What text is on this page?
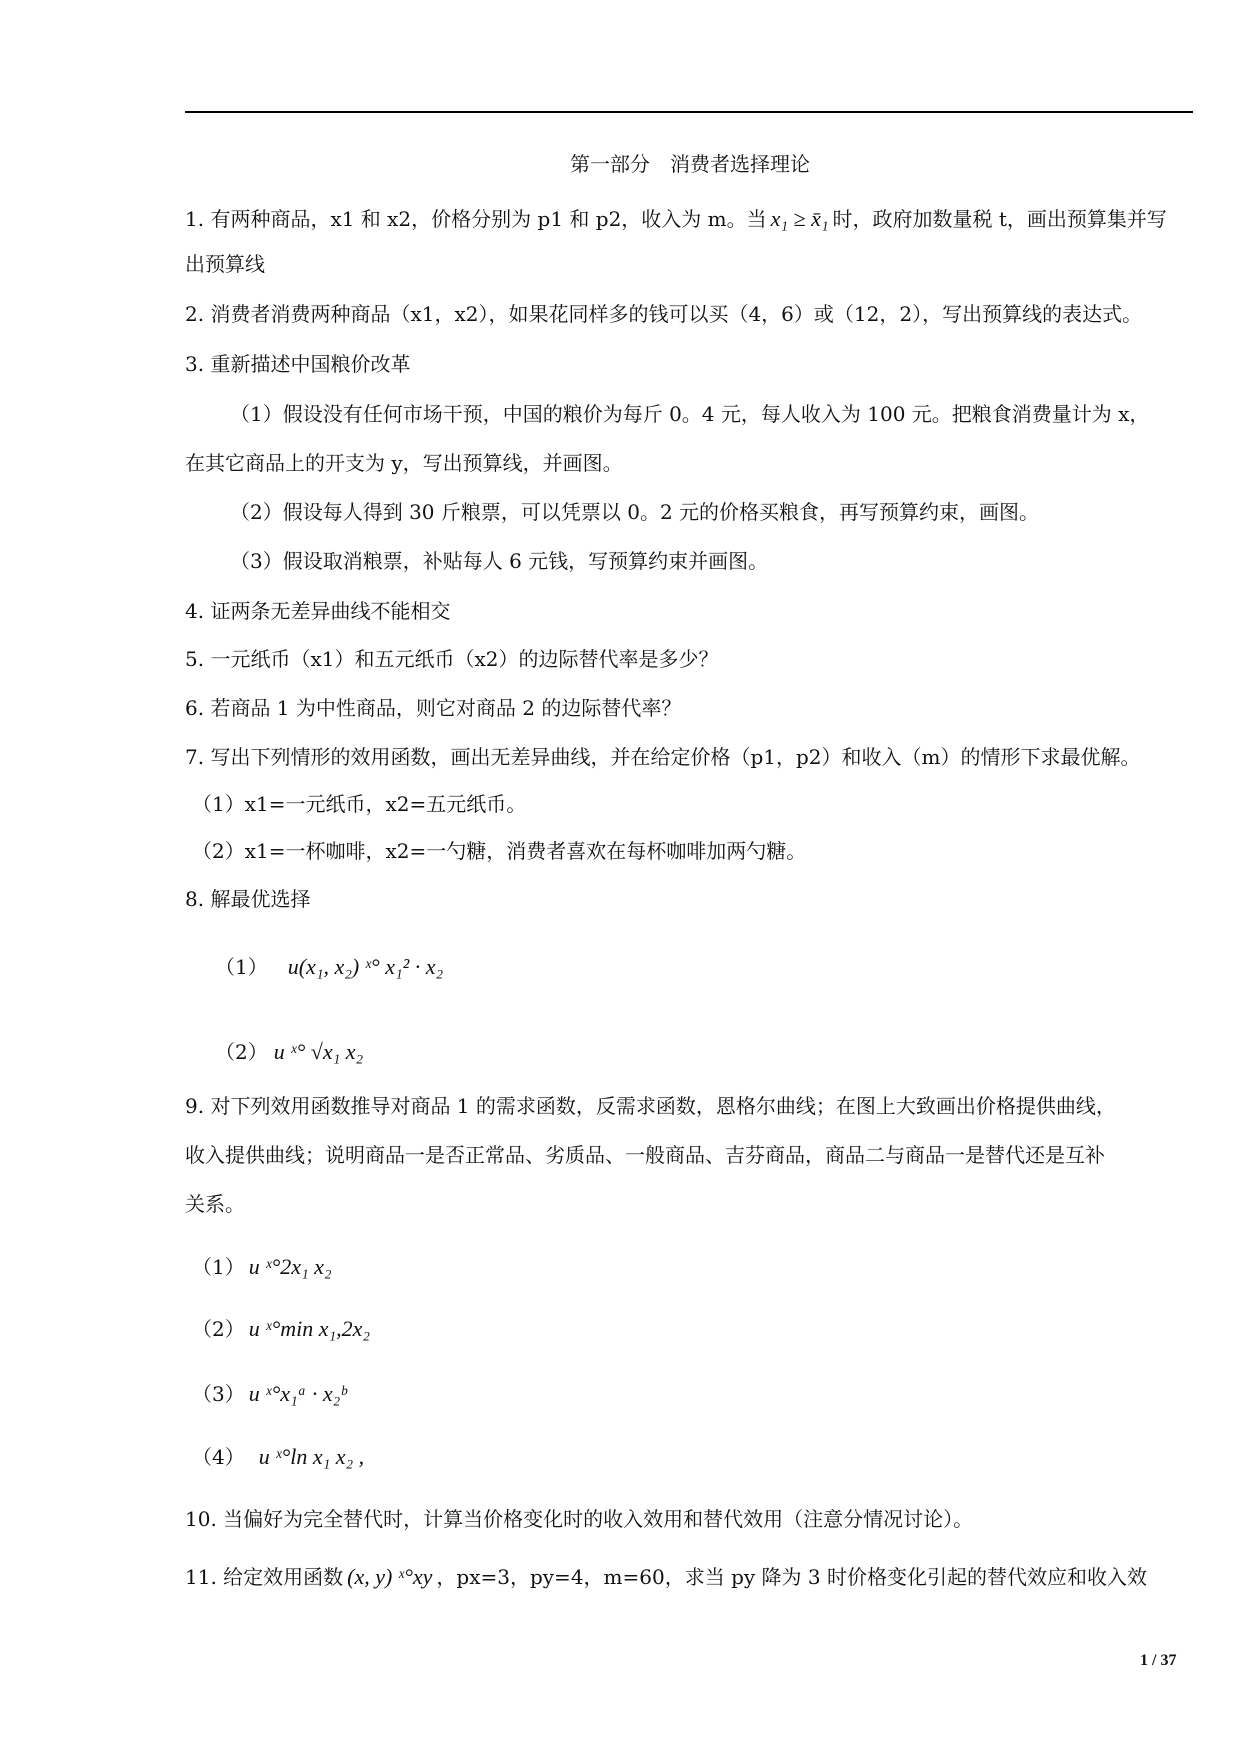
第一部分　消费者选择理论
1. 有两种商品，x1 和 x2，价格分别为 p1 和 p2，收入为 m。当 x₁ ≥ x̄₁ 时，政府加数量税 t，画出预算集并写
出预算线
2. 消费者消费两种商品（x1，x2），如果花同样多的钱可以买（4，6）或（12，2），写出预算线的表达式。
3. 重新描述中国粮价改革
（1）假设没有任何市场干预，中国的粮价为每斤 0。4 元，每人收入为 100 元。把粮食消费量计为 x，
在其它商品上的开支为 y，写出预算线，并画图。
（2）假设每人得到 30 斤粮票，可以凭票以 0。2 元的价格买粮食，再写预算约束，画图。
（3）假设取消粮票，补贴每人 6 元钱，写预算约束并画图。
4. 证两条无差异曲线不能相交
5. 一元纸币（x1）和五元纸币（x2）的边际替代率是多少？
6. 若商品 1 为中性商品，则它对商品 2 的边际替代率？
7. 写出下列情形的效用函数，画出无差异曲线，并在给定价格（p1，p2）和收入（m）的情形下求最优解。
（1）x1=一元纸币，x2=五元纸币。
（2）x1=一杯咖啡，x2=一勺糖，消费者喜欢在每杯咖啡加两勺糖。
8. 解最优选择
（1） u(x₁, x₂) ˣ° x₁² · x₂
（2） u ˣ° √x₁ x₂
9. 对下列效用函数推导对商品 1 的需求函数，反需求函数，恩格尔曲线；在图上大致画出价格提供曲线，
收入提供曲线；说明商品一是否正常品、劣质品、一般商品、吉芬商品，商品二与商品一是替代还是互补
关系。
（1） u ˣ°2x₁ x₂
（2） u ˣ°min x₁,2x₂
（3） u ˣ°x₁ᵃ · x₂ᵇ
（4） u ˣ°ln x₁ x₂ ,
10. 当偏好为完全替代时，计算当价格变化时的收入效用和替代效用（注意分情况讨论）。
11. 给定效用函数 (x, y) ˣ°xy ，px=3，py=4，m=60，求当 py 降为 3 时价格变化引起的替代效应和收入效
1 / 37
